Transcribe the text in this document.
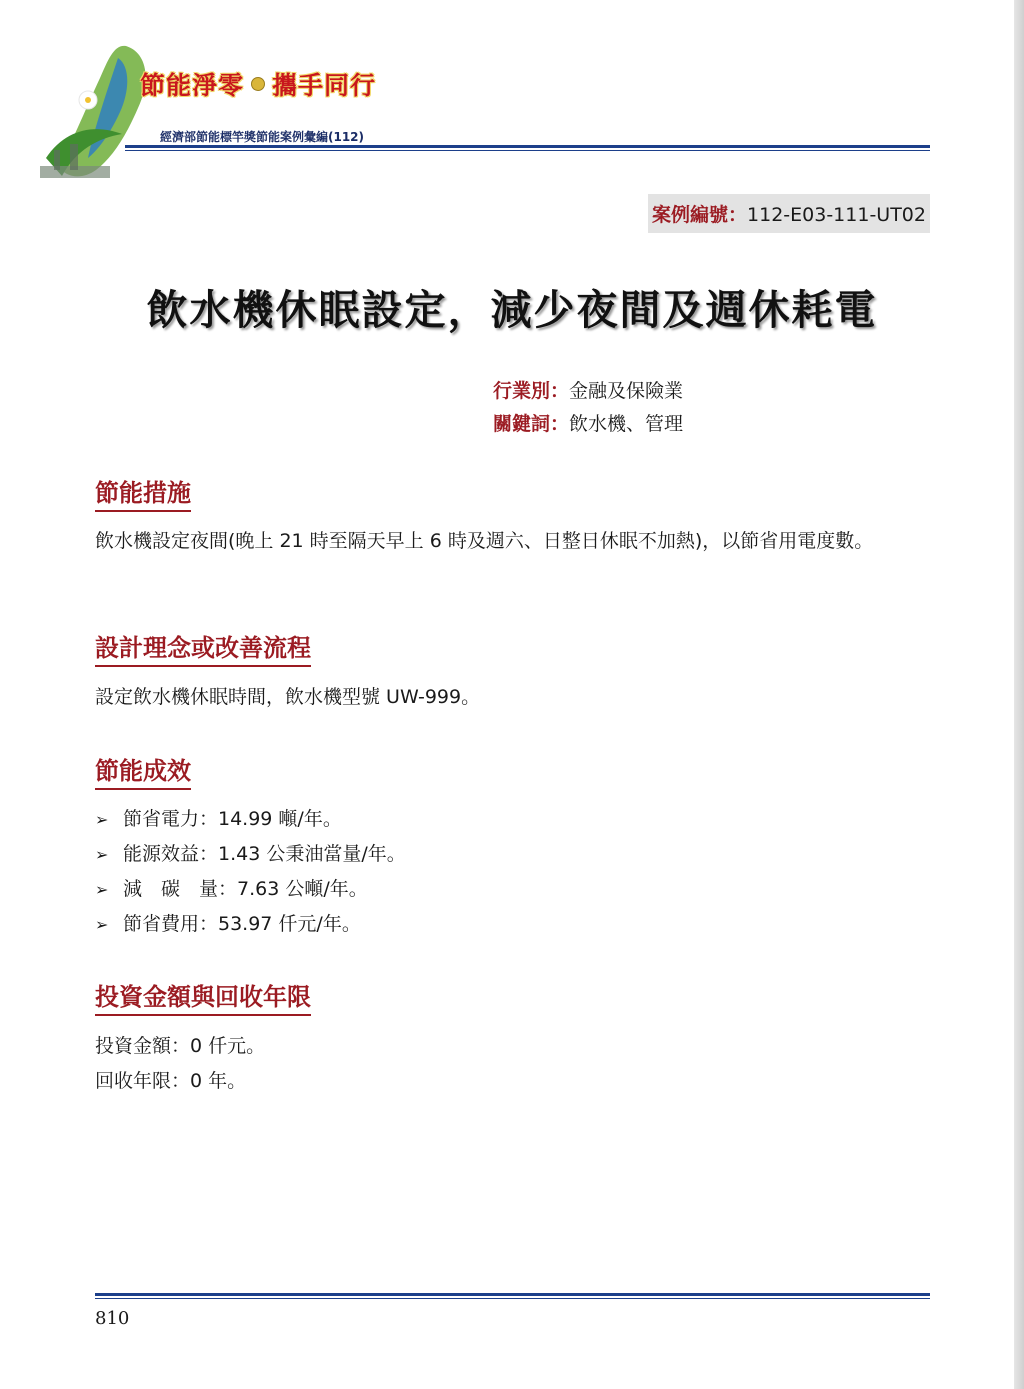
節能淨零 攜手同行
經濟部節能標竿獎節能案例彙編(112)
案例編號：112-E03-111-UT02
飲水機休眠設定，減少夜間及週休耗電
行業別：金融及保險業
關鍵詞：飲水機、管理
節能措施
飲水機設定夜間(晚上 21 時至隔天早上 6 時及週六、日整日休眠不加熱)，以節省用電度數。
設計理念或改善流程
設定飲水機休眠時間，飲水機型號 UW-999。
節能成效
➢ 節省電力：14.99 噸/年。
➢ 能源效益：1.43 公秉油當量/年。
➢ 減　碳　量：7.63 公噸/年。
➢ 節省費用：53.97 仟元/年。
投資金額與回收年限
投資金額：0 仟元。
回收年限：0 年。
810
